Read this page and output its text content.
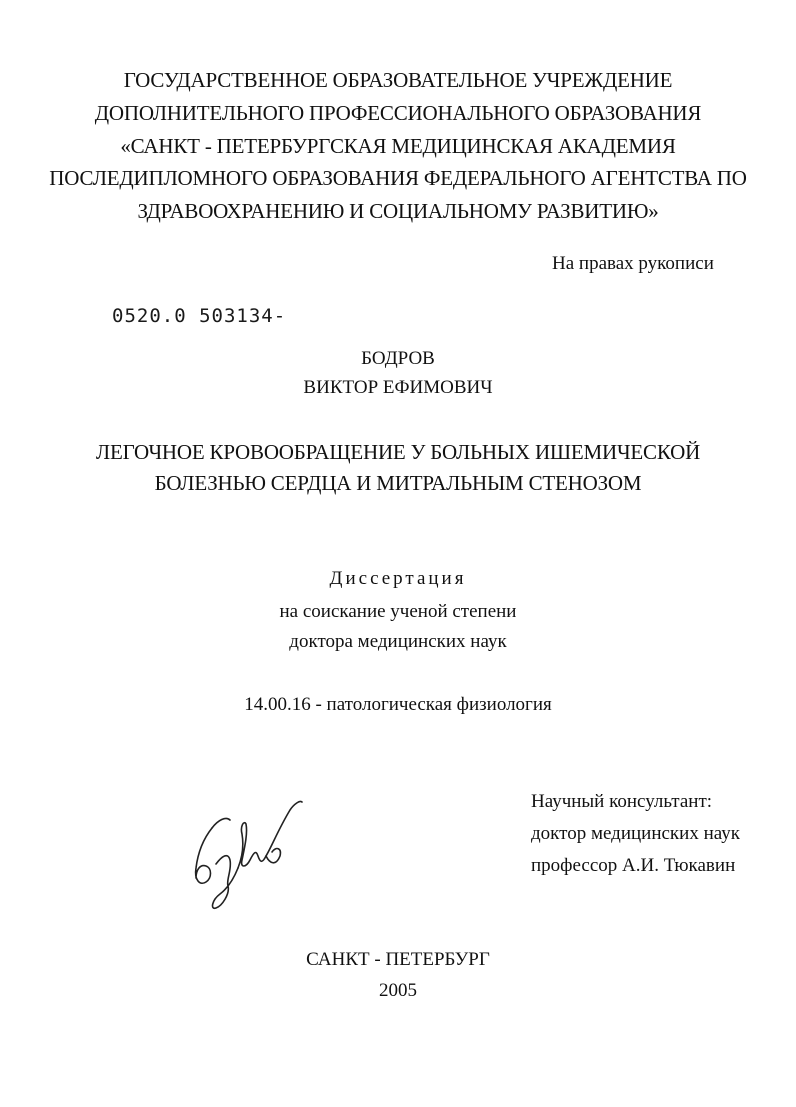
ГОСУДАРСТВЕННОЕ ОБРАЗОВАТЕЛЬНОЕ УЧРЕЖДЕНИЕ
ДОПОЛНИТЕЛЬНОГО ПРОФЕССИОНАЛЬНОГО ОБРАЗОВАНИЯ
«САНКТ - ПЕТЕРБУРГСКАЯ МЕДИЦИНСКАЯ АКАДЕМИЯ
ПОСЛЕДИПЛОМНОГО ОБРАЗОВАНИЯ ФЕДЕРАЛЬНОГО АГЕНТСТВА ПО
ЗДРАВООХРАНЕНИЮ И СОЦИАЛЬНОМУ РАЗВИТИЮ»
На правах рукописи
0520.0 503134-
БОДРОВ
ВИКТОР ЕФИМОВИЧ
ЛЕГОЧНОЕ КРОВООБРАЩЕНИЕ У БОЛЬНЫХ ИШЕМИЧЕСКОЙ
БОЛЕЗНЬЮ СЕРДЦА И МИТРАЛЬНЫМ СТЕНОЗОМ
Диссертация
на соискание ученой степени
доктора медицинских наук
14.00.16 - патологическая физиология
Научный консультант:
доктор медицинских наук
профессор А.И. Тюкавин
САНКТ - ПЕТЕРБУРГ
2005
